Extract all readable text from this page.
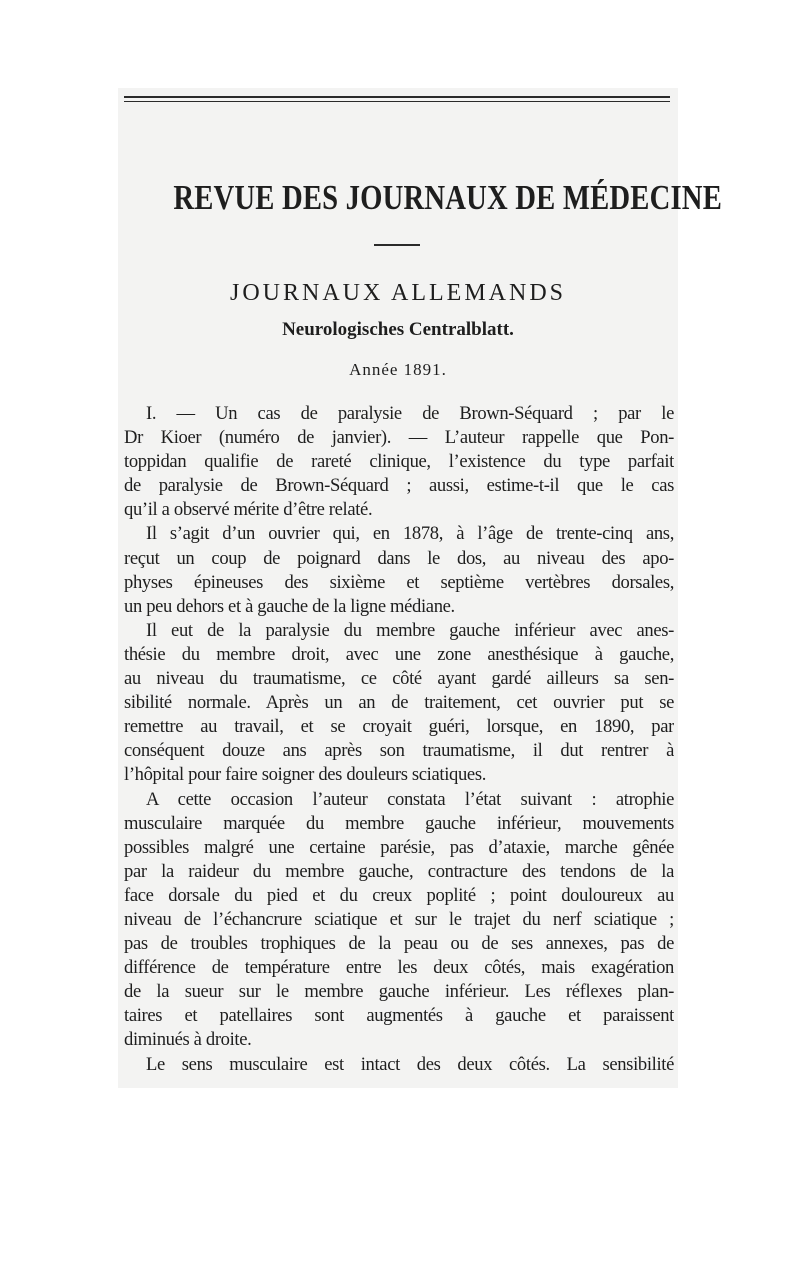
REVUE DES JOURNAUX DE MÉDECINE
JOURNAUX ALLEMANDS
Neurologisches Centralblatt.
Année 1891.
I. — Un cas de paralysie de Brown-Séquard ; par le
Dr Kioer (numéro de janvier). — L’auteur rappelle que Pon-
toppidan qualifie de rareté clinique, l’existence du type parfait
de paralysie de Brown-Séquard ; aussi, estime-t-il que le cas
qu’il a observé mérite d’être relaté.
Il s’agit d’un ouvrier qui, en 1878, à l’âge de trente-cinq ans,
reçut un coup de poignard dans le dos, au niveau des apo-
physes épineuses des sixième et septième vertèbres dorsales,
un peu dehors et à gauche de la ligne médiane.
Il eut de la paralysie du membre gauche inférieur avec anes-
thésie du membre droit, avec une zone anesthésique à gauche,
au niveau du traumatisme, ce côté ayant gardé ailleurs sa sen-
sibilité normale. Après un an de traitement, cet ouvrier put se
remettre au travail, et se croyait guéri, lorsque, en 1890, par
conséquent douze ans après son traumatisme, il dut rentrer à
l’hôpital pour faire soigner des douleurs sciatiques.
A cette occasion l’auteur constata l’état suivant : atrophie
musculaire marquée du membre gauche inférieur, mouvements
possibles malgré une certaine parésie, pas d’ataxie, marche gênée
par la raideur du membre gauche, contracture des tendons de la
face dorsale du pied et du creux poplité ; point douloureux au
niveau de l’échancrure sciatique et sur le trajet du nerf sciatique ;
pas de troubles trophiques de la peau ou de ses annexes, pas de
différence de température entre les deux côtés, mais exagération
de la sueur sur le membre gauche inférieur. Les réflexes plan-
taires et patellaires sont augmentés à gauche et paraissent
diminués à droite.
Le sens musculaire est intact des deux côtés. La sensibilité
